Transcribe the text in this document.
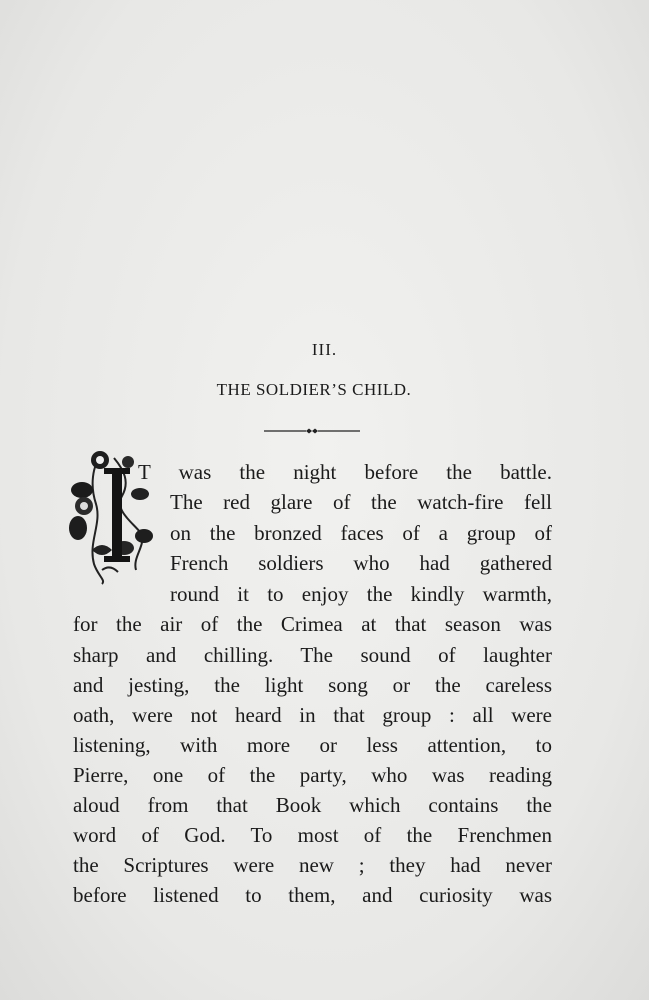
III.
THE SOLDIER’S CHILD.
I
T was the night before the battle.
The red glare of the watch-fire fell
on the bronzed faces of a group of
French soldiers who had gathered
round it to enjoy the kindly warmth,
for the air of the Crimea at that season was
sharp and chilling. The sound of laughter
and jesting, the light song or the careless
oath, were not heard in that group : all were
listening, with more or less attention, to
Pierre, one of the party, who was reading
aloud from that Book which contains the
word of God. To most of the Frenchmen
the Scriptures were new ; they had never
before listened to them, and curiosity was
